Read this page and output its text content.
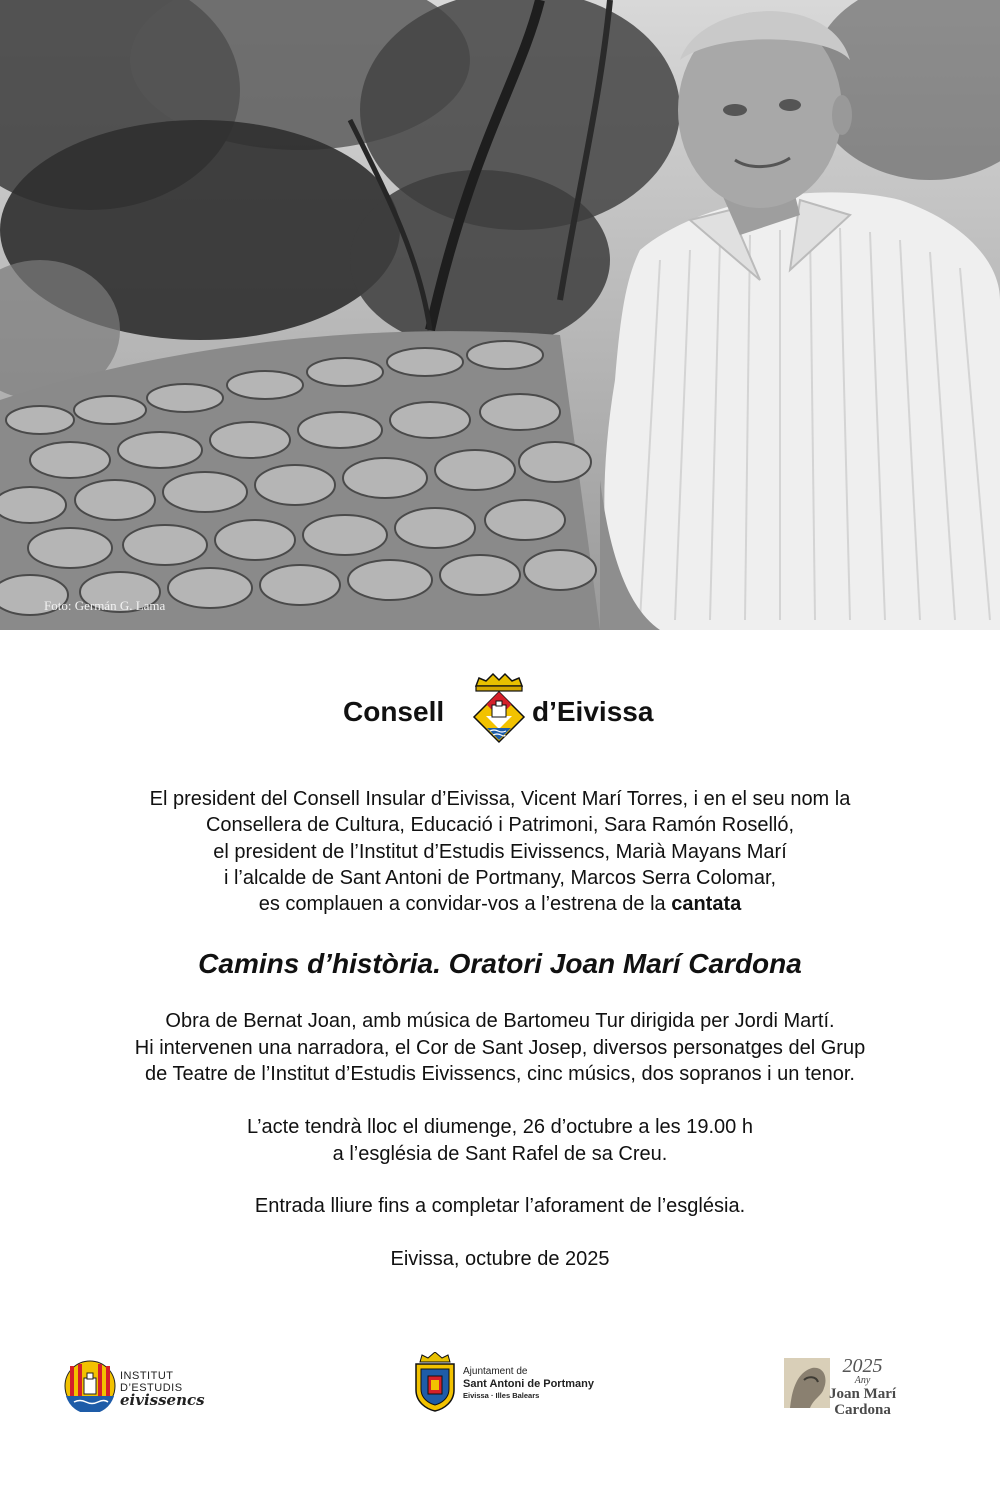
Foto: Germán G. Lama
Consell	d’Eivissa
El president del Consell Insular d’Eivissa, Vicent Marí Torres, i en el seu nom la
Consellera de Cultura, Educació i Patrimoni, Sara Ramón Roselló,
el president de l’Institut d’Estudis Eivissencs, Marià Mayans Marí
i l’alcalde de Sant Antoni de Portmany, Marcos Serra Colomar,
es complauen a convidar-vos a l’estrena de la cantata
Camins d’història. Oratori Joan Marí Cardona
Obra de Bernat Joan, amb música de Bartomeu Tur dirigida per Jordi Martí.
Hi intervenen una narradora, el Cor de Sant Josep, diversos personatges del Grup
de Teatre de l’Institut d’Estudis Eivissencs, cinc músics, dos sopranos i un tenor.
L’acte tendrà lloc el diumenge, 26 d’octubre a les 19.00 h
a l’església de Sant Rafel de sa Creu.
Entrada lliure fins a completar l’aforament de l’església.
Eivissa, octubre de 2025
INSTITUT
D’ESTUDIS
eivissencs
Ajuntament de
Sant Antoni de Portmany
Eivissa · Illes Balears
2025
Any
Joan Marí
Cardona
